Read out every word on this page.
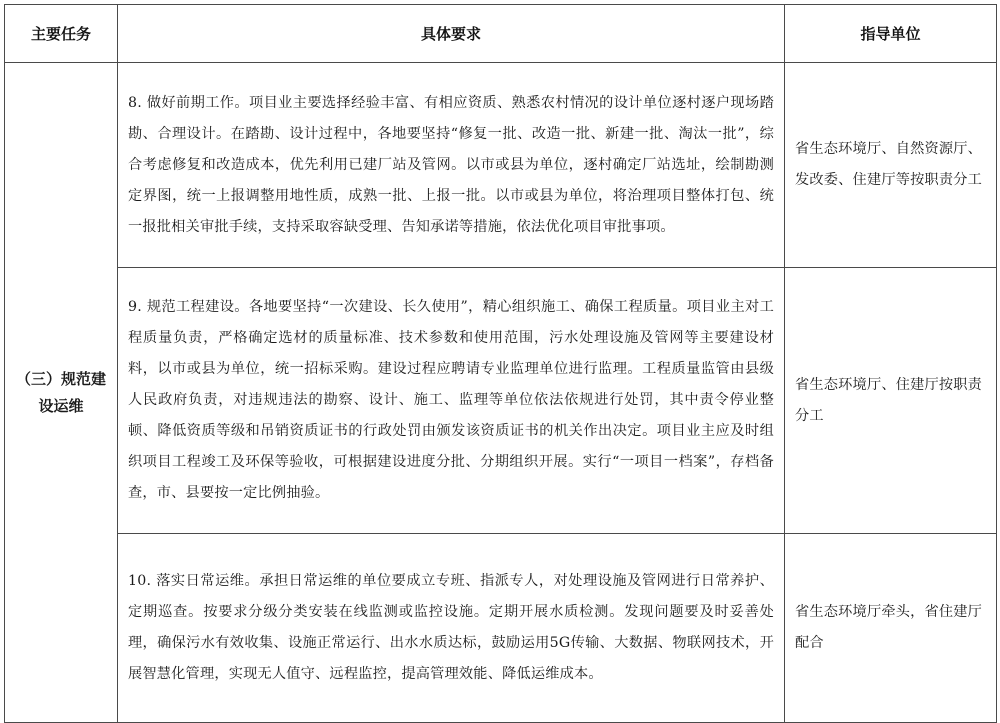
主要任务	具体要求	指导单位
（三）规范建设运维	8. 做好前期工作。项目业主要选择经验丰富、有相应资质、熟悉农村情况的设计单位逐村逐户现场踏勘、合理设计。在踏勘、设计过程中，各地要坚持“修复一批、改造一批、新建一批、淘汰一批”，综合考虑修复和改造成本，优先利用已建厂站及管网。以市或县为单位，逐村确定厂站选址，绘制勘测定界图，统一上报调整用地性质，成熟一批、上报一批。以市或县为单位，将治理项目整体打包、统一报批相关审批手续，支持采取容缺受理、告知承诺等措施，依法优化项目审批事项。	省生态环境厅、自然资源厅、发改委、住建厅等按职责分工
	9. 规范工程建设。各地要坚持“一次建设、长久使用”，精心组织施工、确保工程质量。项目业主对工程质量负责，严格确定选材的质量标准、技术参数和使用范围，污水处理设施及管网等主要建设材料，以市或县为单位，统一招标采购。建设过程应聘请专业监理单位进行监理。工程质量监管由县级人民政府负责，对违规违法的勘察、设计、施工、监理等单位依法依规进行处罚，其中责令停业整顿、降低资质等级和吊销资质证书的行政处罚由颁发该资质证书的机关作出决定。项目业主应及时组织项目工程竣工及环保等验收，可根据建设进度分批、分期组织开展。实行“一项目一档案”，存档备查，市、县要按一定比例抽验。	省生态环境厅、住建厅按职责分工
	10. 落实日常运维。承担日常运维的单位要成立专班、指派专人，对处理设施及管网进行日常养护、定期巡查。按要求分级分类安装在线监测或监控设施。定期开展水质检测。发现问题要及时妥善处理，确保污水有效收集、设施正常运行、出水水质达标，鼓励运用5G传输、大数据、物联网技术，开展智慧化管理，实现无人值守、远程监控，提高管理效能、降低运维成本。	省生态环境厅牵头，省住建厅配合
